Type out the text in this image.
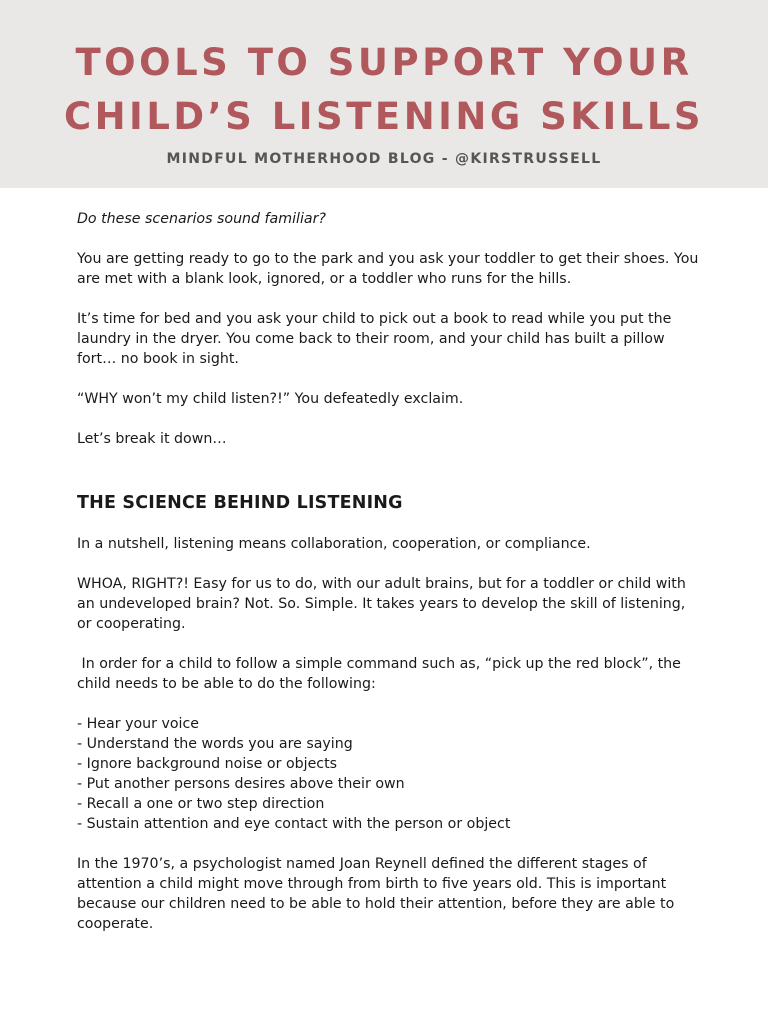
TOOLS TO SUPPORT YOUR
CHILD’S LISTENING SKILLS

MINDFUL MOTHERHOOD BLOG - @KIRSTRUSSELL

Do these scenarios sound familiar?

You are getting ready to go to the park and you ask your toddler to get their shoes. You are met with a blank look, ignored, or a toddler who runs for the hills.

It’s time for bed and you ask your child to pick out a book to read while you put the laundry in the dryer. You come back to their room, and your child has built a pillow fort… no book in sight.

“WHY won’t my child listen?!” You defeatedly exclaim.

Let’s break it down…

THE SCIENCE BEHIND LISTENING

In a nutshell, listening means collaboration, cooperation, or compliance.

WHOA, RIGHT?! Easy for us to do, with our adult brains, but for a toddler or child with an undeveloped brain? Not. So. Simple. It takes years to develop the skill of listening, or cooperating.

In order for a child to follow a simple command such as, “pick up the red block”, the child needs to be able to do the following:

- Hear your voice
- Understand the words you are saying
- Ignore background noise or objects
- Put another persons desires above their own
- Recall a one or two step direction
- Sustain attention and eye contact with the person or object

In the 1970’s, a psychologist named Joan Reynell defined the different stages of attention a child might move through from birth to five years old. This is important because our children need to be able to hold their attention, before they are able to cooperate.
